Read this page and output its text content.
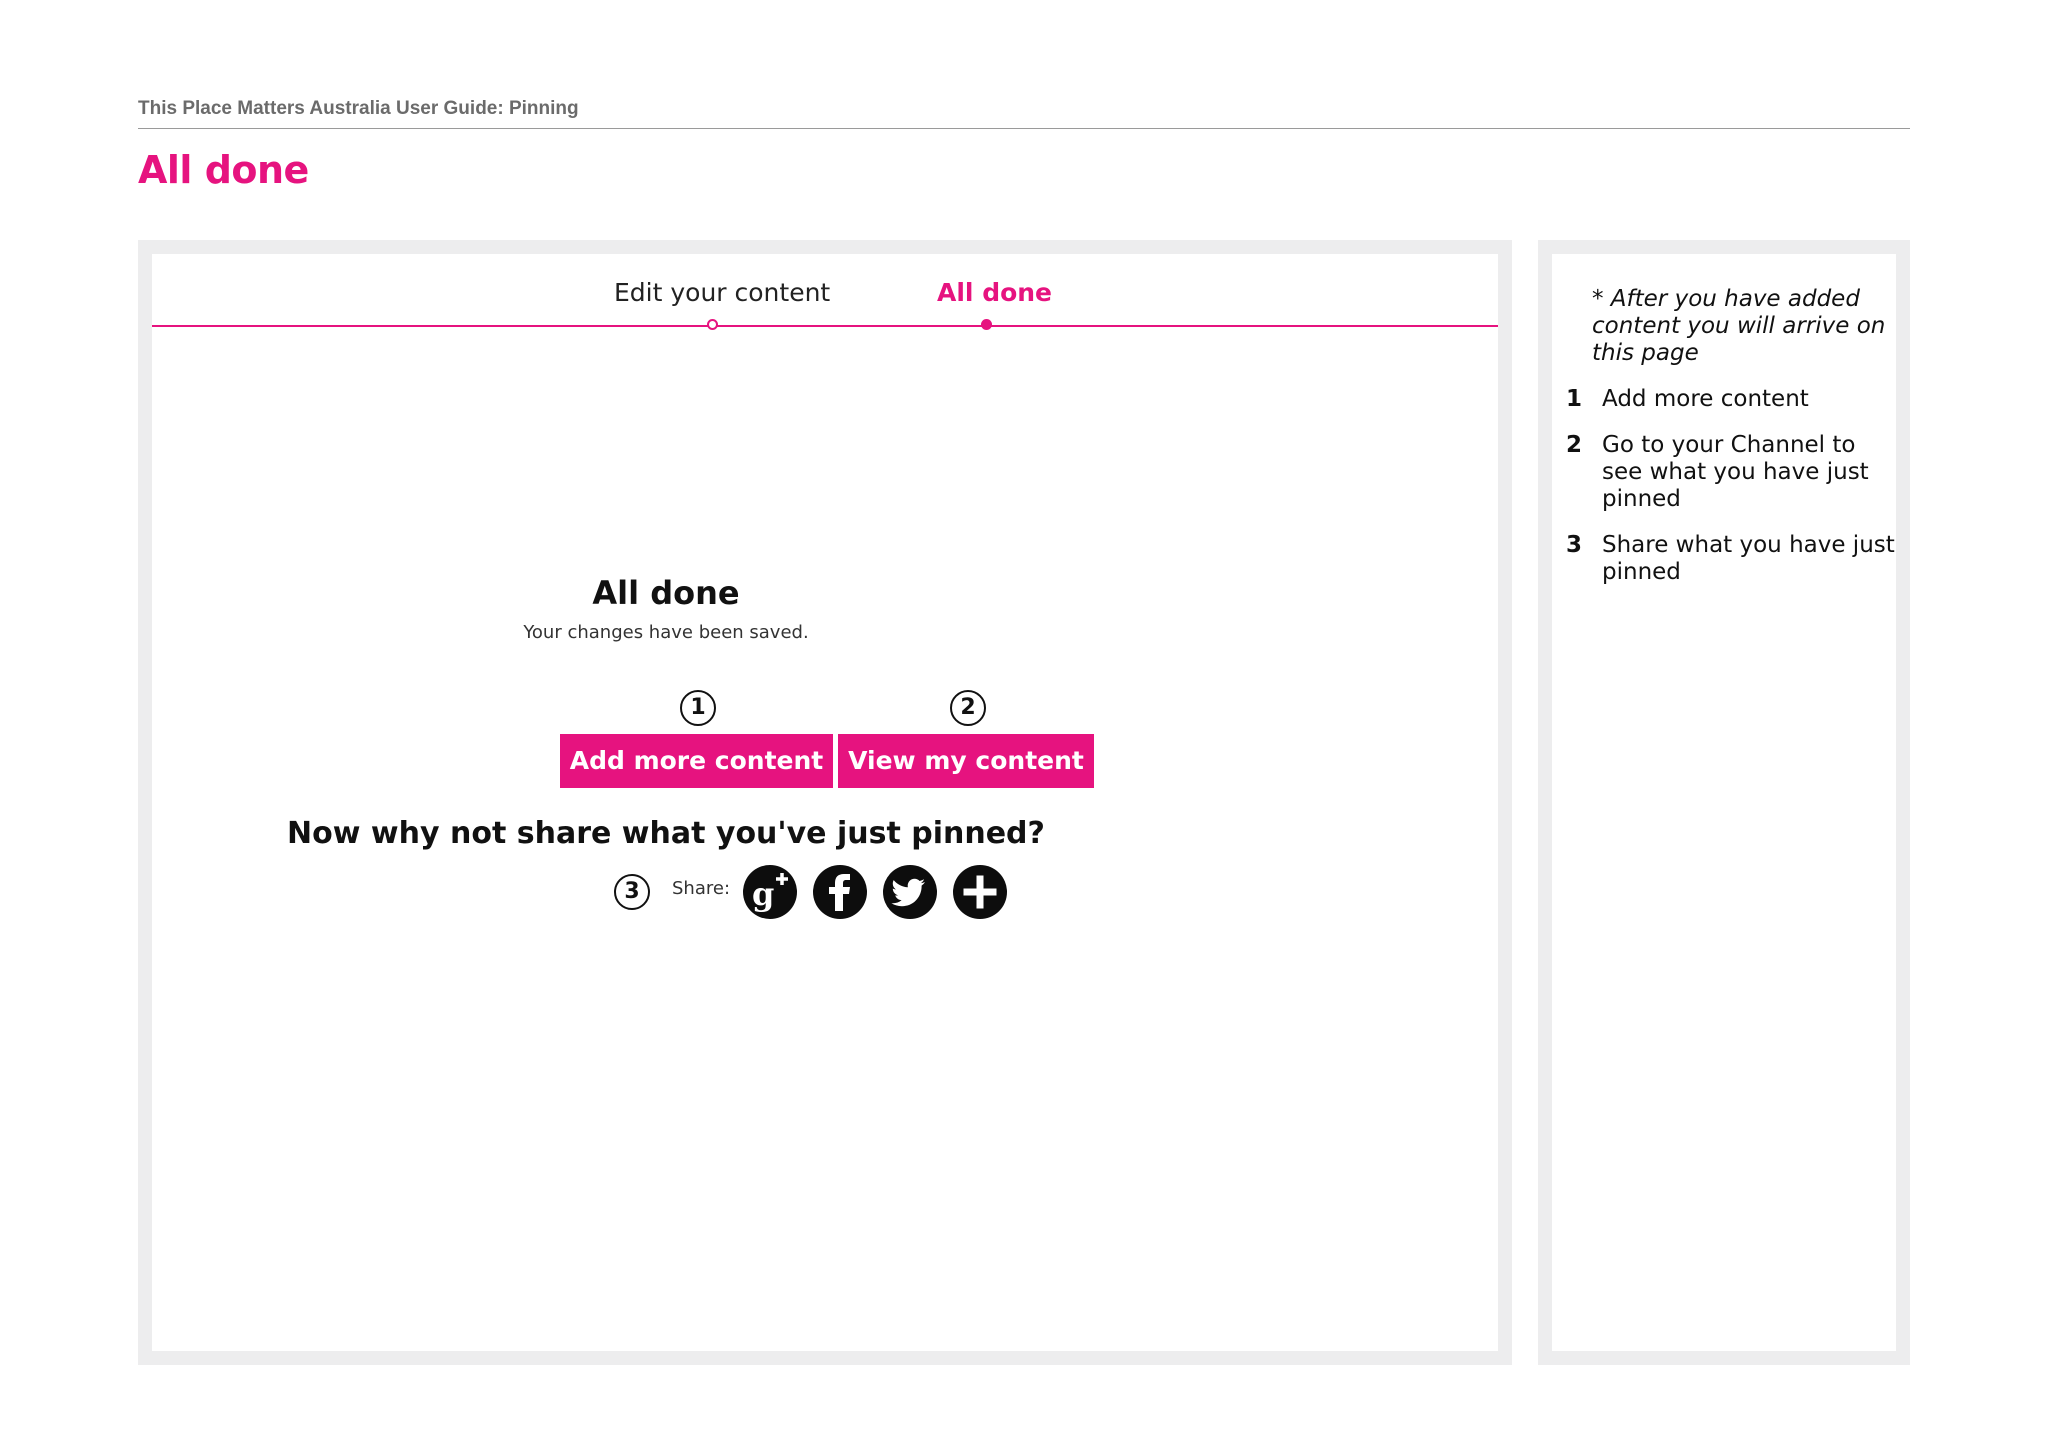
This Place Matters Australia User Guide: Pinning
All done
Edit your content	All done
All done
Your changes have been saved.
1	2
Add more content View my content
Now why not share what you've just pinned?
3	Share: g
* After you have added content you will arrive on this page
1 Add more content
2 Go to your Channel to see what you have just pinned
3 Share what you have just pinned
